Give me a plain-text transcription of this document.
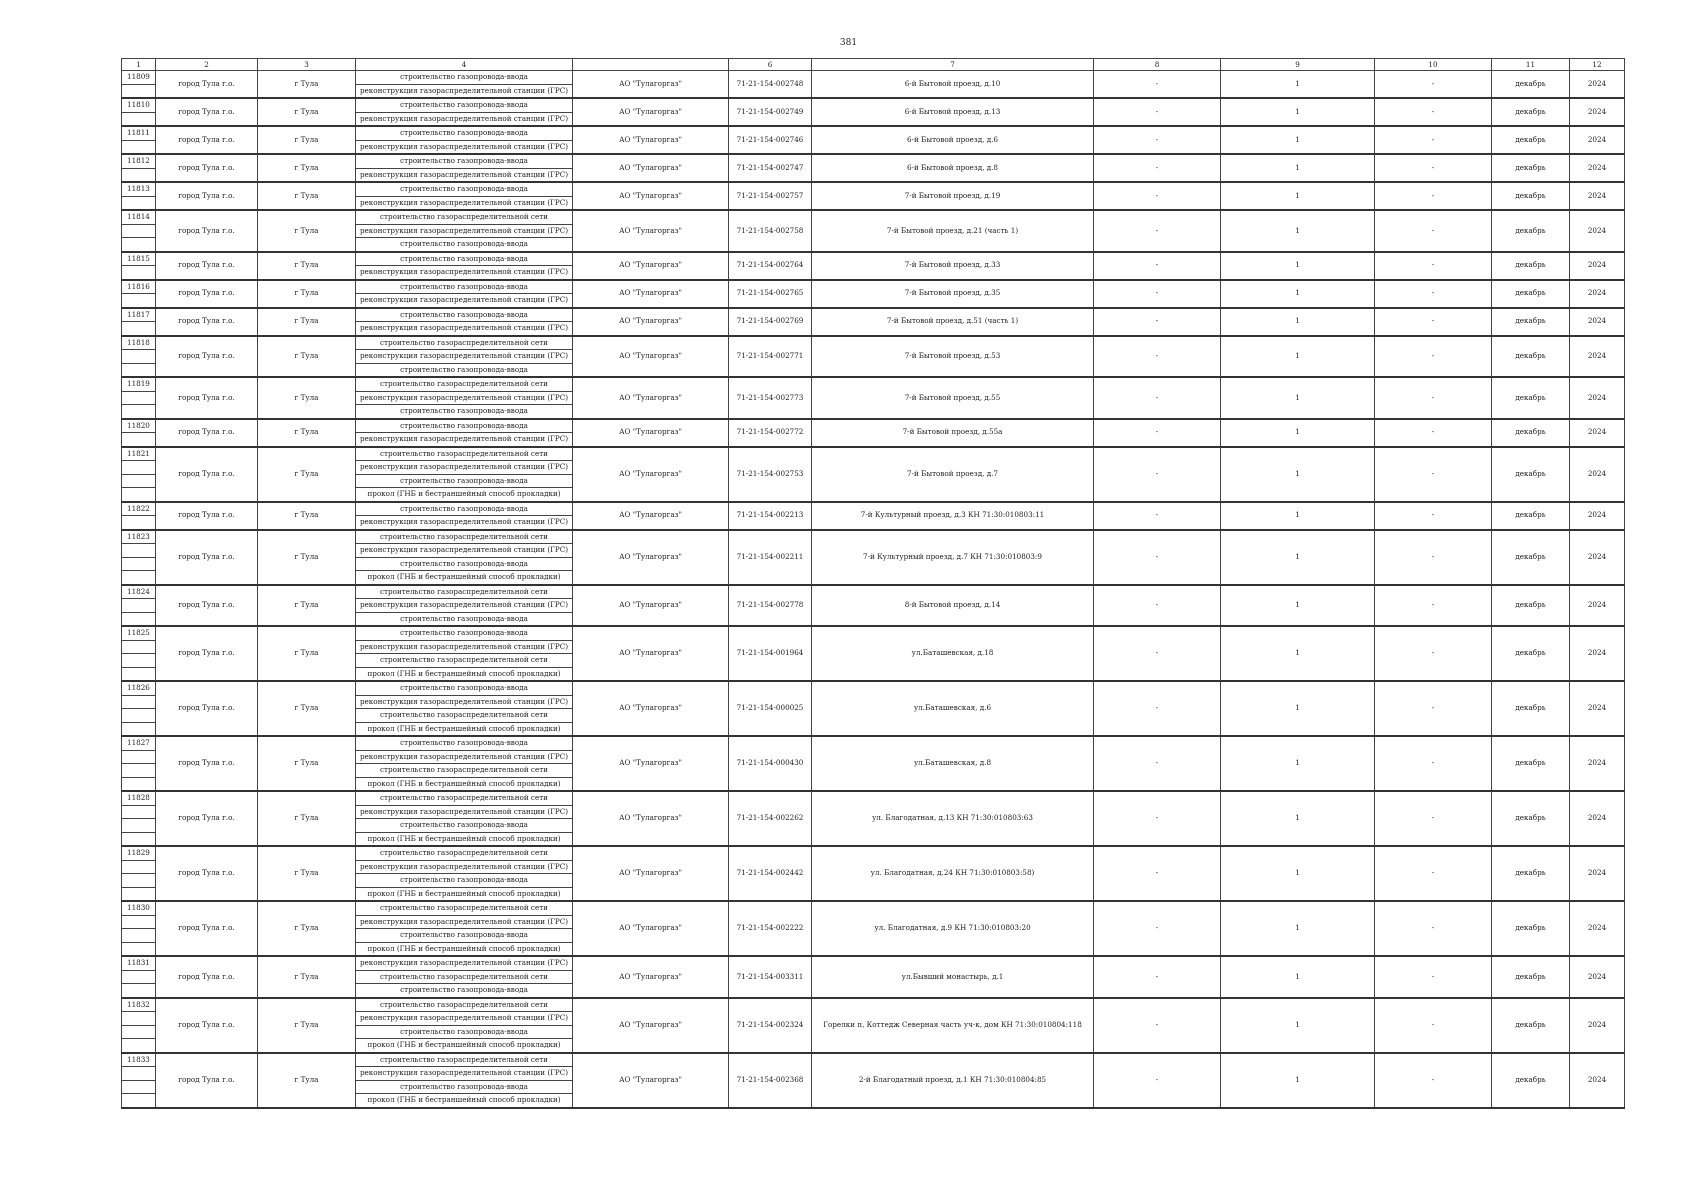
381
1	2	3	4		6	7	8	9	10	11	12
11809	город Тула г.о.	г Тула	строительство газопровода-ввода	АО "Тулагоргаз"	71-21-154-002748	6-й Бытовой проезд, д.10	-	1	-	декабрь	2024
			реконструкция газораспределительной станции (ГРС)								
11810	город Тула г.о.	г Тула	строительство газопровода-ввода	АО "Тулагоргаз"	71-21-154-002749	6-й Бытовой проезд, д.13	-	1	-	декабрь	2024
			реконструкция газораспределительной станции (ГРС)								
11811	город Тула г.о.	г Тула	строительство газопровода-ввода	АО "Тулагоргаз"	71-21-154-002746	6-й Бытовой проезд, д.6	-	1	-	декабрь	2024
			реконструкция газораспределительной станции (ГРС)								
11812	город Тула г.о.	г Тула	строительство газопровода-ввода	АО "Тулагоргаз"	71-21-154-002747	6-й Бытовой проезд, д.8	-	1	-	декабрь	2024
			реконструкция газораспределительной станции (ГРС)								
11813	город Тула г.о.	г Тула	строительство газопровода-ввода	АО "Тулагоргаз"	71-21-154-002757	7-й Бытовой проезд, д.19	-	1	-	декабрь	2024
			реконструкция газораспределительной станции (ГРС)								
11814	город Тула г.о.	г Тула	строительство газораспределительной сети	АО "Тулагоргаз"	71-21-154-002758	7-й Бытовой проезд, д.21 (часть 1)	-	1	-	декабрь	2024
			реконструкция газораспределительной станции (ГРС)								
			строительство газопровода-ввода								
11815	город Тула г.о.	г Тула	строительство газопровода-ввода	АО "Тулагоргаз"	71-21-154-002764	7-й Бытовой проезд, д.33	-	1	-	декабрь	2024
			реконструкция газораспределительной станции (ГРС)								
11816	город Тула г.о.	г Тула	строительство газопровода-ввода	АО "Тулагоргаз"	71-21-154-002765	7-й Бытовой проезд, д.35	-	1	-	декабрь	2024
			реконструкция газораспределительной станции (ГРС)								
11817	город Тула г.о.	г Тула	строительство газопровода-ввода	АО "Тулагоргаз"	71-21-154-002769	7-й Бытовой проезд, д.51 (часть 1)	-	1	-	декабрь	2024
			реконструкция газораспределительной станции (ГРС)								
11818	город Тула г.о.	г Тула	строительство газораспределительной сети	АО "Тулагоргаз"	71-21-154-002771	7-й Бытовой проезд, д.53	-	1	-	декабрь	2024
			реконструкция газораспределительной станции (ГРС)								
			строительство газопровода-ввода								
11819	город Тула г.о.	г Тула	строительство газораспределительной сети	АО "Тулагоргаз"	71-21-154-002773	7-й Бытовой проезд, д.55	-	1	-	декабрь	2024
			реконструкция газораспределительной станции (ГРС)								
			строительство газопровода-ввода								
11820	город Тула г.о.	г Тула	строительство газопровода-ввода	АО "Тулагоргаз"	71-21-154-002772	7-й Бытовой проезд, д.55а	-	1	-	декабрь	2024
			реконструкция газораспределительной станции (ГРС)								
11821	город Тула г.о.	г Тула	строительство газораспределительной сети	АО "Тулагоргаз"	71-21-154-002753	7-й Бытовой проезд, д.7	-	1	-	декабрь	2024
			реконструкция газораспределительной станции (ГРС)								
			строительство газопровода-ввода								
			прокол (ГНБ и бестраншейный способ прокладки)								
11822	город Тула г.о.	г Тула	строительство газопровода-ввода	АО "Тулагоргаз"	71-21-154-002213	7-й Культурный проезд, д.3 КН 71:30:010803:11	-	1	-	декабрь	2024
			реконструкция газораспределительной станции (ГРС)								
11823	город Тула г.о.	г Тула	строительство газораспределительной сети	АО "Тулагоргаз"	71-21-154-002211	7-й Культурный проезд, д.7 КН 71:30:010803:9	-	1	-	декабрь	2024
			реконструкция газораспределительной станции (ГРС)								
			строительство газопровода-ввода								
			прокол (ГНБ и бестраншейный способ прокладки)								
11824	город Тула г.о.	г Тула	строительство газораспределительной сети	АО "Тулагоргаз"	71-21-154-002778	8-й Бытовой проезд, д.14	-	1	-	декабрь	2024
			реконструкция газораспределительной станции (ГРС)								
			строительство газопровода-ввода								
11825	город Тула г.о.	г Тула	строительство газопровода-ввода	АО "Тулагоргаз"	71-21-154-001964	ул.Баташевская, д.18	-	1	-	декабрь	2024
			реконструкция газораспределительной станции (ГРС)								
			строительство газораспределительной сети								
			прокол (ГНБ и бестраншейный способ прокладки)								
11826	город Тула г.о.	г Тула	строительство газопровода-ввода	АО "Тулагоргаз"	71-21-154-000025	ул.Баташевская, д.6	-	1	-	декабрь	2024
			реконструкция газораспределительной станции (ГРС)								
			строительство газораспределительной сети								
			прокол (ГНБ и бестраншейный способ прокладки)								
11827	город Тула г.о.	г Тула	строительство газопровода-ввода	АО "Тулагоргаз"	71-21-154-000430	ул.Баташевская, д.8	-	1	-	декабрь	2024
			реконструкция газораспределительной станции (ГРС)								
			строительство газораспределительной сети								
			прокол (ГНБ и бестраншейный способ прокладки)								
11828	город Тула г.о.	г Тула	строительство газораспределительной сети	АО "Тулагоргаз"	71-21-154-002262	ул. Благодатная, д.13 КН 71:30:010803:63	-	1	-	декабрь	2024
			реконструкция газораспределительной станции (ГРС)								
			строительство газопровода-ввода								
			прокол (ГНБ и бестраншейный способ прокладки)								
11829	город Тула г.о.	г Тула	строительство газораспределительной сети	АО "Тулагоргаз"	71-21-154-002442	ул. Благодатная, д.24 КН 71:30:010803:58)	-	1	-	декабрь	2024
			реконструкция газораспределительной станции (ГРС)								
			строительство газопровода-ввода								
			прокол (ГНБ и бестраншейный способ прокладки)								
11830	город Тула г.о.	г Тула	строительство газораспределительной сети	АО "Тулагоргаз"	71-21-154-002222	ул. Благодатная, д.9 КН 71:30:010803:20	-	1	-	декабрь	2024
			реконструкция газораспределительной станции (ГРС)								
			строительство газопровода-ввода								
			прокол (ГНБ и бестраншейный способ прокладки)								
11831	город Тула г.о.	г Тула	реконструкция газораспределительной станции (ГРС)	АО "Тулагоргаз"	71-21-154-003311	ул.Бывший монастырь, д.1	-	1	-	декабрь	2024
			строительство газораспределительной сети								
			строительство газопровода-ввода								
11832	город Тула г.о.	г Тула	строительство газораспределительной сети	АО "Тулагоргаз"	71-21-154-002324	Горелки п, Коттедж Северная часть уч-к, дом КН 71:30:010804:118	-	1	-	декабрь	2024
			реконструкция газораспределительной станции (ГРС)								
			строительство газопровода-ввода								
			прокол (ГНБ и бестраншейный способ прокладки)								
11833	город Тула г.о.	г Тула	строительство газораспределительной сети	АО "Тулагоргаз"	71-21-154-002368	2-й Благодатный проезд, д.1 КН 71:30:010804:85	-	1	-	декабрь	2024
			реконструкция газораспределительной станции (ГРС)								
			строительство газопровода-ввода								
			прокол (ГНБ и бестраншейный способ прокладки)								
